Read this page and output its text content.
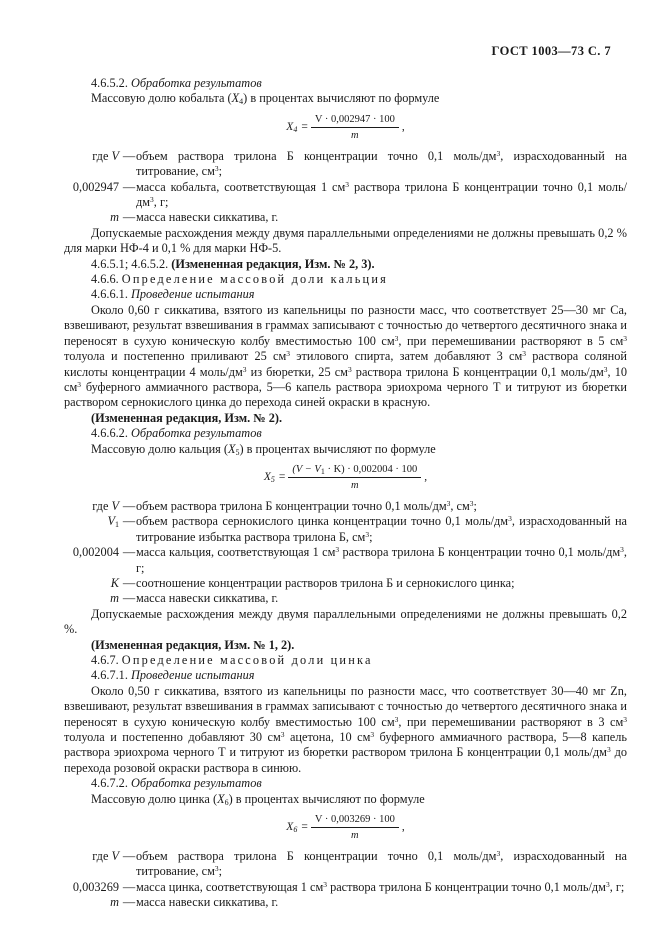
ГОСТ 1003—73 С. 7

4.6.5.2. Обработка результатов

Массовую долю кобальта $(X_4)$ в процентах вычисляют по формуле

$X_4 = \frac{V \cdot 0,002947 \cdot 100}{m}$ ,
где V — объем раствора трилона Б концентрации точно 0,1 моль/$дм^3$, израсходованный на титрование, $см^3$;
0,002947 — масса кобальта, соответствующая 1 $см^3$ раствора трилона Б концентрации точно 0,1 моль/$дм^3$, г;
m — масса навески сиккатива, г.

Допускаемые расхождения между двумя параллельными определениями не должны превышать 0,2 % для марки НФ-4 и 0,1 % для марки НФ-5.

4.6.5.1; 4.6.5.2. (Измененная редакция, Изм. № 2, 3).

4.6.6. Определение массовой доли кальция

4.6.6.1. Проведение испытания

Около 0,60 г сиккатива, взятого из капельницы по разности масс, что соответствует 25—30 мг Ca, взвешивают, результат взвешивания в граммах записывают с точностью до четвертого десятичного знака и переносят в сухую коническую колбу вместимостью 100 $см^3$, при перемешивании растворяют в 5 $см^3$ толуола и постепенно приливают 25 $см^3$ этилового спирта, затем добавляют 3 $см^3$ раствора соляной кислоты концентрации 4 моль/$дм^3$ из бюретки, 25 $см^3$ раствора трилона Б концентрации 0,1 моль/$дм^3$, 10 $см^3$ буферного аммиачного раствора, 5—6 капель раствора эриохрома черного Т и титруют из бюретки раствором сернокислого цинка до перехода синей окраски в красную.

(Измененная редакция, Изм. № 2).

4.6.6.2. Обработка результатов

Массовую долю кальция $(X_5)$ в процентах вычисляют по формуле

$X_5 = \frac{(V - V_1 \cdot K) \cdot 0,002004 \cdot 100}{m}$ ,
где V — объем раствора трилона Б концентрации точно 0,1 моль/$дм^3$, $см^3$;
$V_1$ — объем раствора сернокислого цинка концентрации точно 0,1 моль/$дм^3$, израсходованный на титрование избытка раствора трилона Б, $см^3$;
0,002004 — масса кальция, соответствующая 1 $см^3$ раствора трилона Б концентрации точно 0,1 моль/$дм^3$, г;
K — соотношение концентрации растворов трилона Б и сернокислого цинка;
m — масса навески сиккатива, г.

Допускаемые расхождения между двумя параллельными определениями не должны превышать 0,2 %.

(Измененная редакция, Изм. № 1, 2).

4.6.7. Определение массовой доли цинка

4.6.7.1. Проведение испытания

Около 0,50 г сиккатива, взятого из капельницы по разности масс, что соответствует 30—40 мг Zn, взвешивают, результат взвешивания в граммах записывают с точностью до четвертого десятичного знака и переносят в сухую коническую колбу вместимостью 100 $см^3$, при перемешивании растворяют в 3 $см^3$ толуола и постепенно добавляют 30 $см^3$ ацетона, 10 $см^3$ буферного аммиачного раствора, 5—8 капель раствора эриохрома черного Т и титруют из бюретки раствором трилона Б концентрации 0,1 моль/$дм^3$ до перехода розовой окраски раствора в синюю.

4.6.7.2. Обработка результатов

Массовую долю цинка $(X_6)$ в процентах вычисляют по формуле

$X_6 = \frac{V \cdot 0,003269 \cdot 100}{m}$ ,
где V — объем раствора трилона Б концентрации точно 0,1 моль/$дм^3$, израсходованный на титрование, $см^3$;
0,003269 — масса цинка, соответствующая 1 $см^3$ раствора трилона Б концентрации точно 0,1 моль/$дм^3$, г;
m — масса навески сиккатива, г.
